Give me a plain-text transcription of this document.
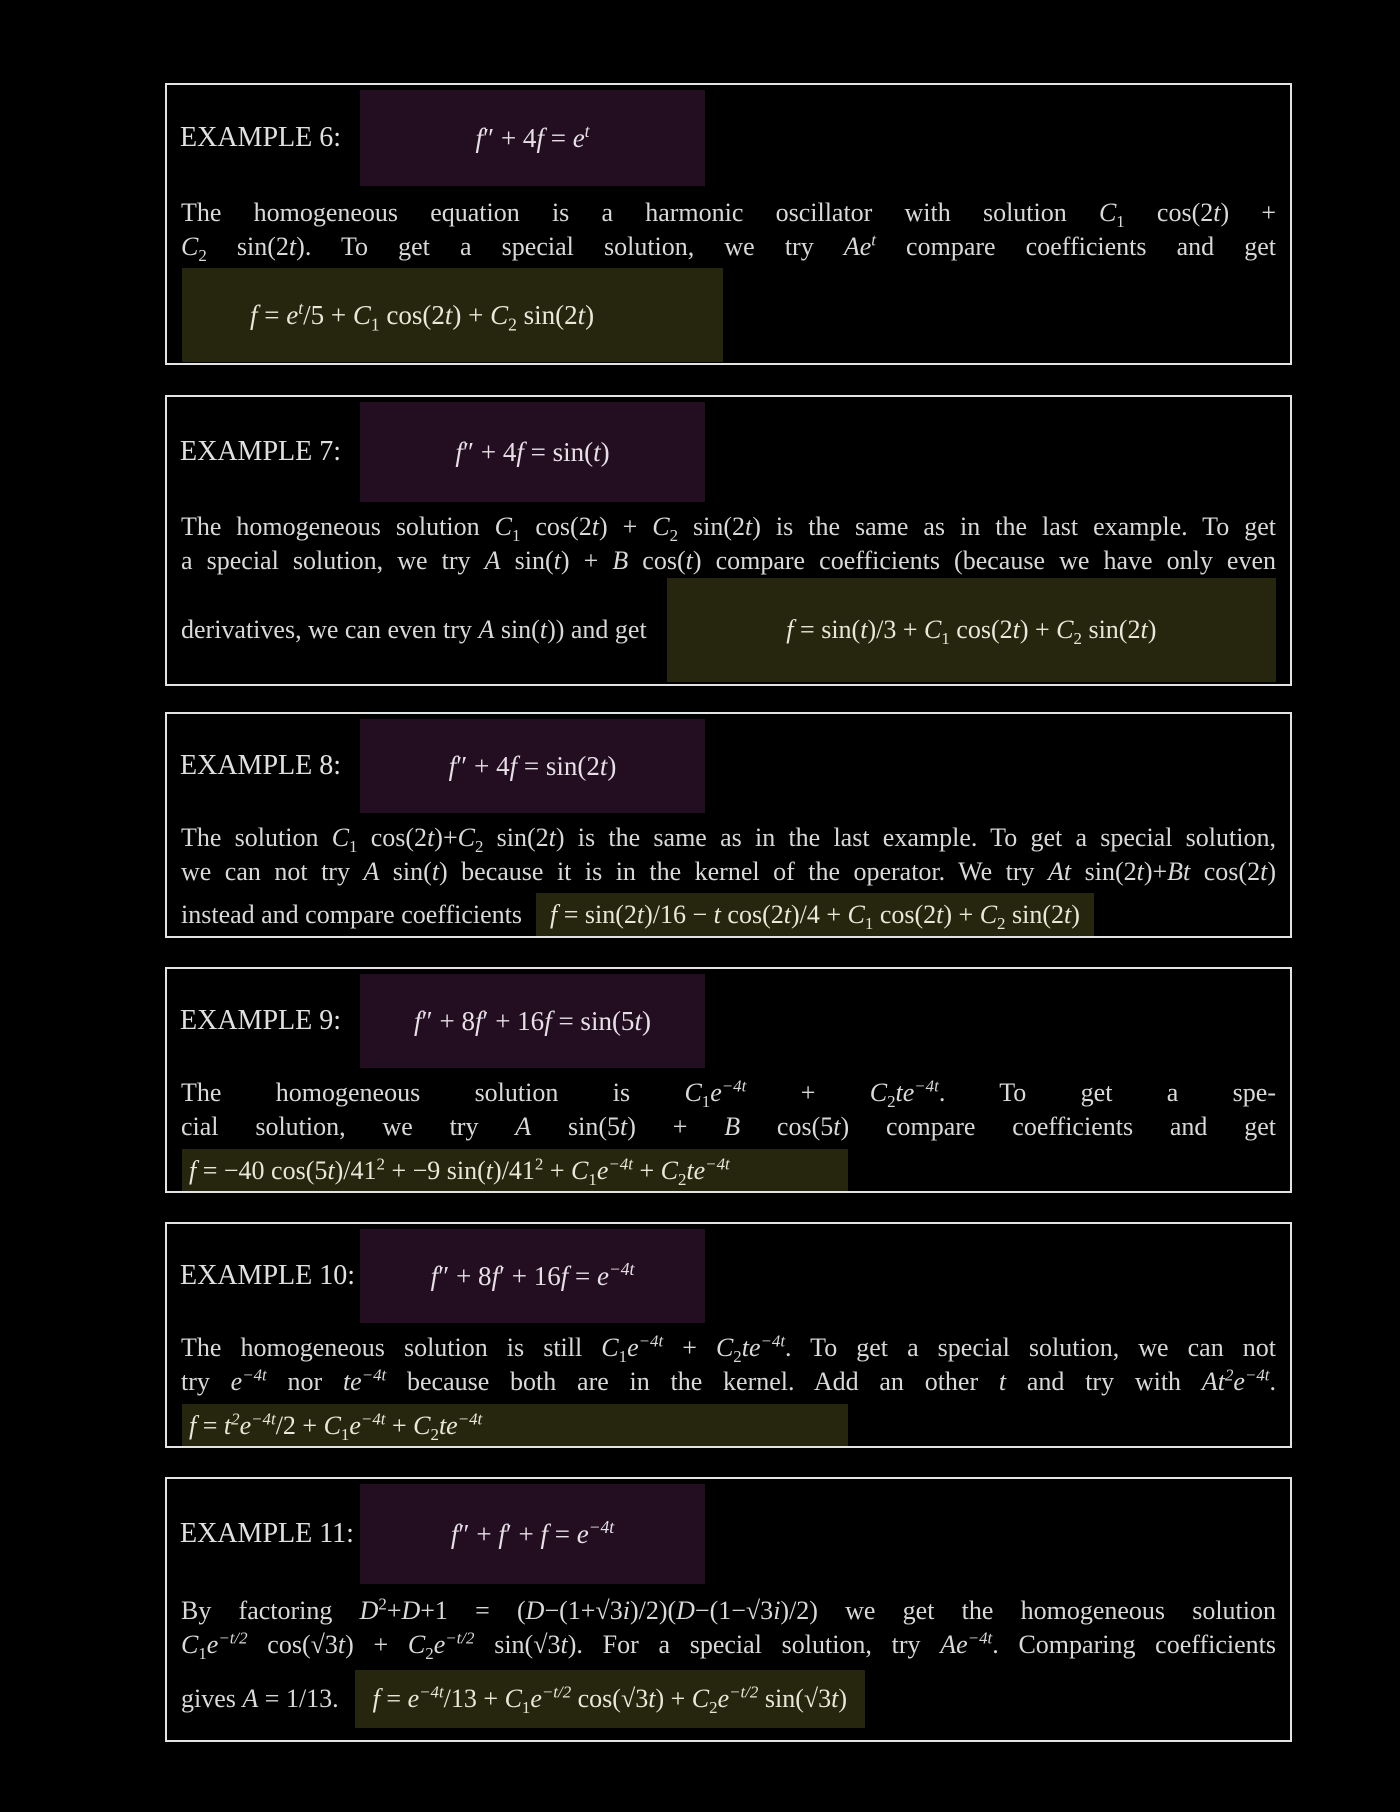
EXAMPLE 6:	$f'' + 4f = e^t$
The homogeneous equation is a harmonic oscillator with solution $C_1$ cos(2t) +
$C_2$ sin(2t). To get a special solution, we try Ae$^t$ compare coefficients and get
$f = e^t/5 + C_1$ $\cos(2t) + C_2$ sin(2t)
EXAMPLE 7:	f″ + 4f = sin(t)
The homogeneous solution $C_1$ $\cos(2t) + C_2$ sin(2t) is the same as in the last example. To get
a special solution, we try A sin(t) + B cos(t) compare coefficients (because we have only even
derivatives, we can even try A sin(t)) and get	$f = \sin(t)/3 + C_1$ $\cos(2t) + C_2$ sin(2t)
EXAMPLE 8:	f″ + 4f = sin(2t)
The solution $C_1$ $\cos(2t)+C_2$ sin(2t) is the same as in the last example. To get a special solution,
we can not try A sin(t) because it is in the kernel of the operator. We try At sin(2t)+Bt cos(2t)
instead and compare coefficients	f = sin(2t)/16 − t $\cos(2t)/4 + C_1$ $\cos(2t) + C_2$ sin(2t)
EXAMPLE 9:	f″ + 8f′ + 16f = sin(5t)
The homogeneous solution is $C_1e^{-4t} + C_2te^{-4t}$. To get a spe-
cial solution, we try A sin(5t) + B cos(5t) compare coefficients and get
f = −40 $\cos(5t)/41^2 + -9$ $\sin(t)/41^2 + C_1e^{-4t} + C_2te^{-4t}$
EXAMPLE 10:	$f'' + 8f' + 16f = e^{-4t}$
The homogeneous solution is still $C_1e^{-4t} + C_2te^{-4t}$. To get a special solution, we can not
try $e^{-4t}$ nor $te^{-4t}$ because both are in the kernel. Add an other t and try with $At^2e^{-4t}$.
$f = t^2e^{-4t}/2 + C_1e^{-4t} + C_2te^{-4t}$
EXAMPLE 11:	$f'' + f' + f = e^{-4t}$
By factoring $D^2+D+1 = (D-(1+√3i)/2)(D-(1-√3i)/2)$ we get the homogeneous solution
$C_1e^{-t/2}$ $\cos(√3t) + C_2e^{-t/2}$ sin(√3t). For a special solution, try $Ae^{-4t}$. Comparing coefficients
gives A = 1/13. $f = e^{-4t}/13 + C_1e^{-t/2}$ $\cos(√3t) + C_2e^{-t/2}$ sin(√3t)
